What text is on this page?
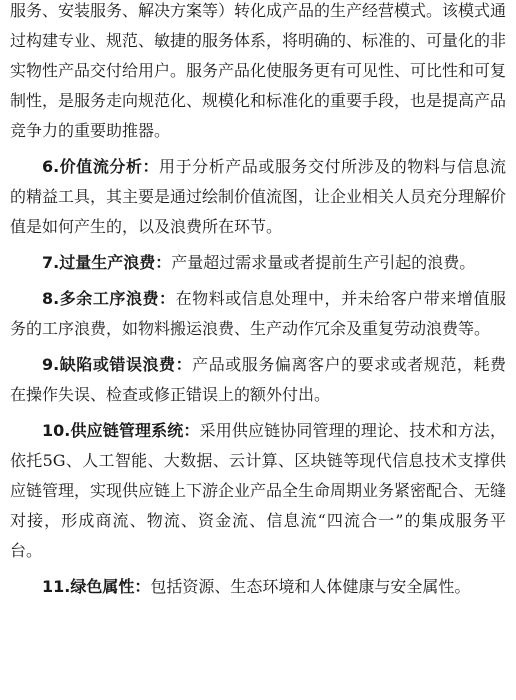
服务、安装服务、解决方案等）转化成产品的生产经营模式。该模式通过构建专业、规范、敏捷的服务体系，将明确的、标准的、可量化的非实物性产品交付给用户。服务产品化使服务更有可见性、可比性和可复制性，是服务走向规范化、规模化和标准化的重要手段，也是提高产品竞争力的重要助推器。

6.价值流分析：用于分析产品或服务交付所涉及的物料与信息流的精益工具，其主要是通过绘制价值流图，让企业相关人员充分理解价值是如何产生的，以及浪费所在环节。

7.过量生产浪费：产量超过需求量或者提前生产引起的浪费。

8.多余工序浪费：在物料或信息处理中，并未给客户带来增值服务的工序浪费，如物料搬运浪费、生产动作冗余及重复劳动浪费等。

9.缺陷或错误浪费：产品或服务偏离客户的要求或者规范，耗费在操作失误、检查或修正错误上的额外付出。

10.供应链管理系统：采用供应链协同管理的理论、技术和方法，依托5G、人工智能、大数据、云计算、区块链等现代信息技术支撑供应链管理，实现供应链上下游企业产品全生命周期业务紧密配合、无缝对接，形成商流、物流、资金流、信息流“四流合一”的集成服务平台。

11.绿色属性：包括资源、生态环境和人体健康与安全属性。
